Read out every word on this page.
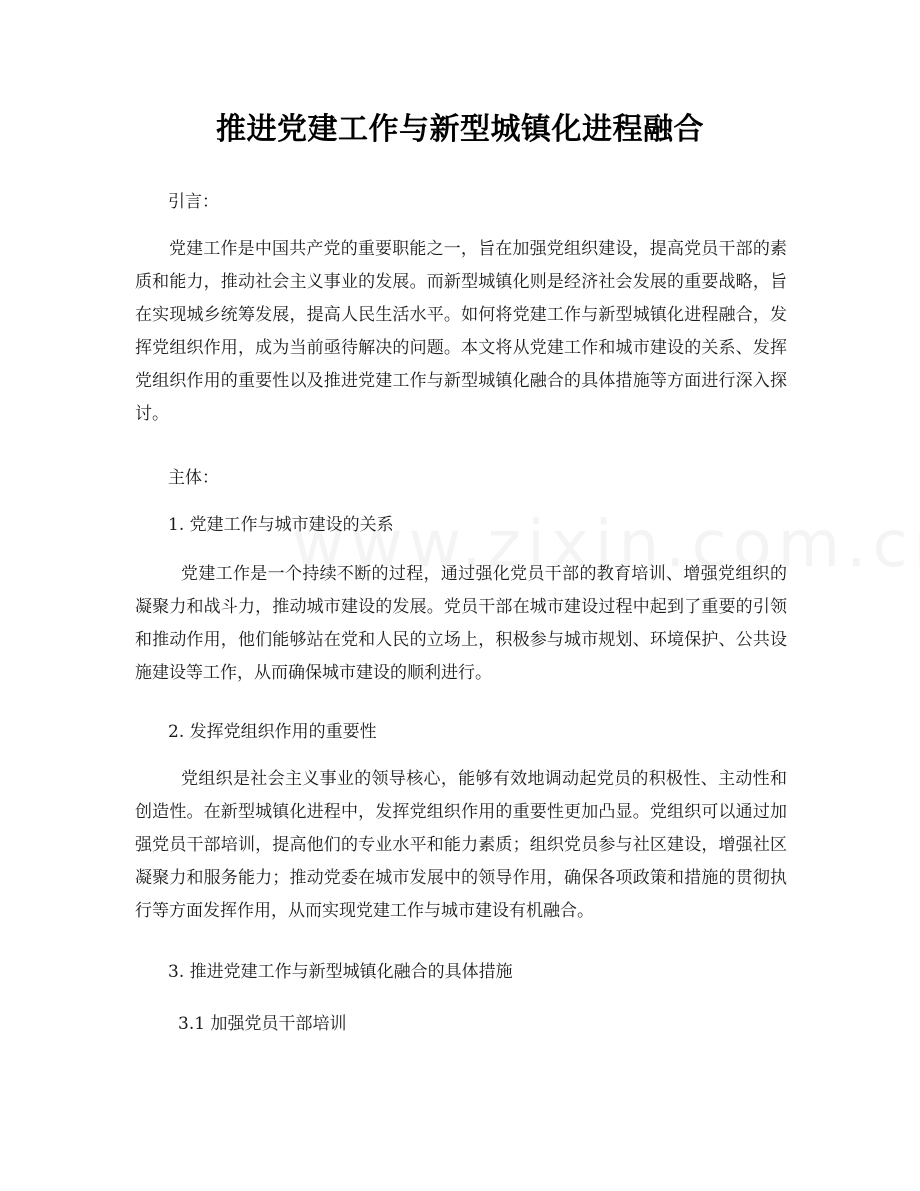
推进党建工作与新型城镇化进程融合

引言：

党建工作是中国共产党的重要职能之一，旨在加强党组织建设，提高党员干部的素质和能力，推动社会主义事业的发展。而新型城镇化则是经济社会发展的重要战略，旨在实现城乡统筹发展，提高人民生活水平。如何将党建工作与新型城镇化进程融合，发挥党组织作用，成为当前亟待解决的问题。本文将从党建工作和城市建设的关系、发挥党组织作用的重要性以及推进党建工作与新型城镇化融合的具体措施等方面进行深入探讨。

主体：

1. 党建工作与城市建设的关系

党建工作是一个持续不断的过程，通过强化党员干部的教育培训、增强党组织的凝聚力和战斗力，推动城市建设的发展。党员干部在城市建设过程中起到了重要的引领和推动作用，他们能够站在党和人民的立场上，积极参与城市规划、环境保护、公共设施建设等工作，从而确保城市建设的顺利进行。

2. 发挥党组织作用的重要性

党组织是社会主义事业的领导核心，能够有效地调动起党员的积极性、主动性和创造性。在新型城镇化进程中，发挥党组织作用的重要性更加凸显。党组织可以通过加强党员干部培训，提高他们的专业水平和能力素质；组织党员参与社区建设，增强社区凝聚力和服务能力；推动党委在城市发展中的领导作用，确保各项政策和措施的贯彻执行等方面发挥作用，从而实现党建工作与城市建设有机融合。

3. 推进党建工作与新型城镇化融合的具体措施

3.1 加强党员干部培训
